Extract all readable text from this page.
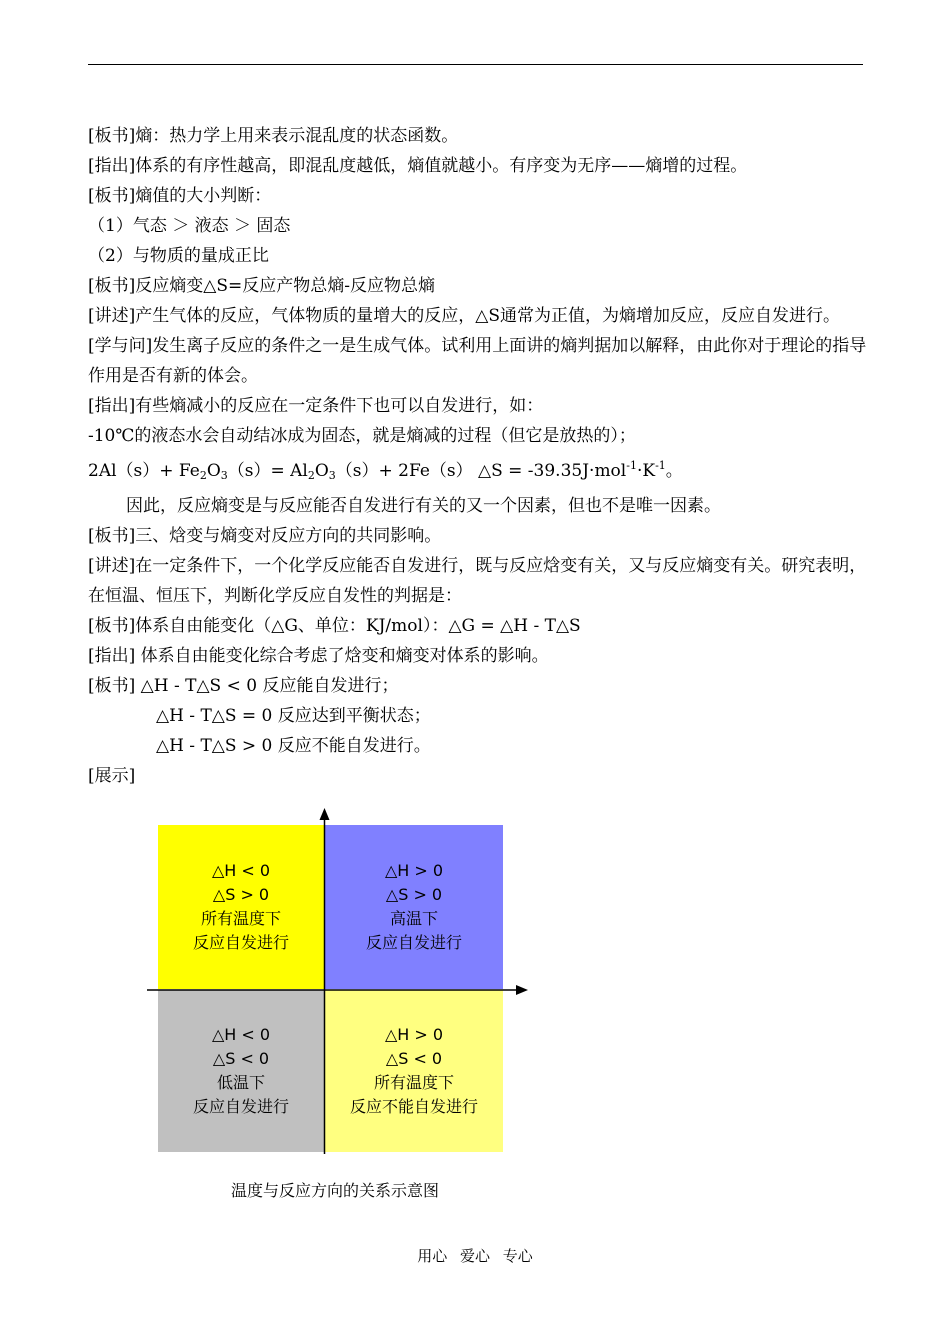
[板书]熵：热力学上用来表示混乱度的状态函数。
[指出]体系的有序性越高，即混乱度越低，熵值就越小。有序变为无序——熵增的过程。
[板书]熵值的大小判断：
（1）气态 ＞ 液态 ＞ 固态
（2）与物质的量成正比
[板书]反应熵变△S=反应产物总熵-反应物总熵
[讲述]产生气体的反应，气体物质的量增大的反应，△S通常为正值，为熵增加反应，反应自发进行。
[学与问]发生离子反应的条件之一是生成气体。试利用上面讲的熵判据加以解释，由此你对于理论的指导作用是否有新的体会。
[指出]有些熵减小的反应在一定条件下也可以自发进行，如：
-10℃的液态水会自动结冰成为固态，就是熵减的过程（但它是放热的）；
$2Al(s)+ Fe_2O_3(s)= Al_2O_3(s)+ 2Fe(s)$ △S = $-39.35J\cdot mol^{-1}\cdot K^{-1}$。
因此，反应熵变是与反应能否自发进行有关的又一个因素，但也不是唯一因素。
[板书]三、焓变与熵变对反应方向的共同影响。
[讲述]在一定条件下，一个化学反应能否自发进行，既与反应焓变有关，又与反应熵变有关。研究表明，在恒温、恒压下，判断化学反应自发性的判据是：
[板书]体系自由能变化（△G、单位：KJ/mol）：△G = △H - T△S
[指出] 体系自由能变化综合考虑了焓变和熵变对体系的影响。
[板书] △H - T△S < 0 反应能自发进行；
△H - T△S = 0 反应达到平衡状态；
△H - T△S > 0 反应不能自发进行。
[展示]
△H < 0
△S > 0
所有温度下
反应自发进行
△H > 0
△S > 0
高温下
反应自发进行
△H < 0
△S < 0
低温下
反应自发进行
△H > 0
△S < 0
所有温度下
反应不能自发进行
温度与反应方向的关系示意图
用心 爱心 专心
